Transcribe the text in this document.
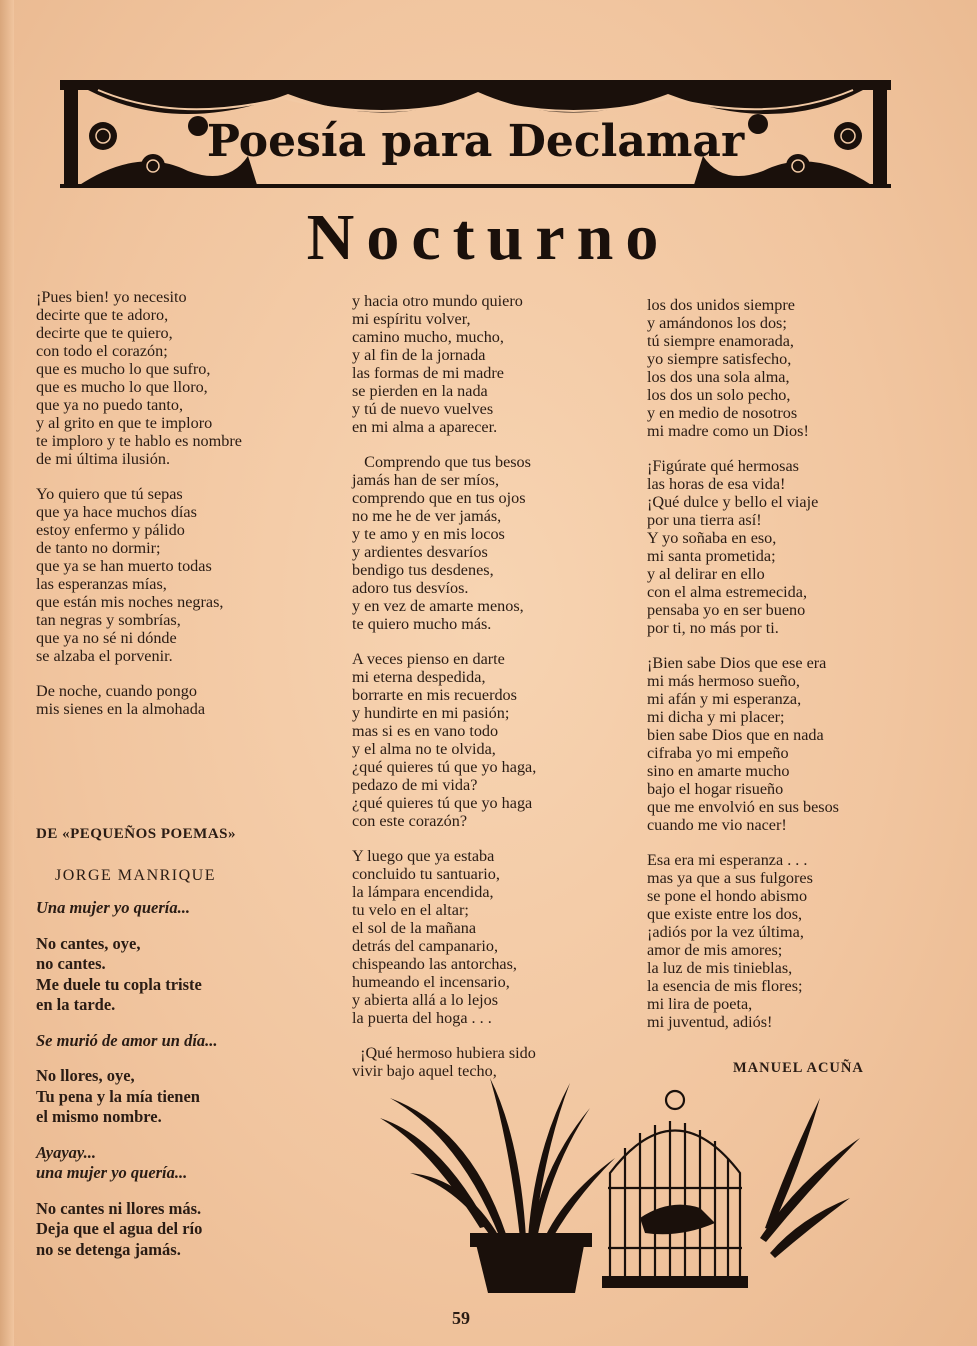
Poesía para Declamar
Nocturno
¡Pues bien! yo necesito
decirte que te adoro,
decirte que te quiero,
con todo el corazón;
que es mucho lo que sufro,
que es mucho lo que lloro,
que ya no puedo tanto,
y al grito en que te imploro
te imploro y te hablo es nombre
de mi última ilusión.
Yo quiero que tú sepas
que ya hace muchos días
estoy enfermo y pálido
de tanto no dormir;
que ya se han muerto todas
las esperanzas mías,
que están mis noches negras,
tan negras y sombrías,
que ya no sé ni dónde
se alzaba el porvenir.
De noche, cuando pongo
mis sienes en la almohada
y hacia otro mundo quiero
mi espíritu volver,
camino mucho, mucho,
y al fin de la jornada
las formas de mi madre
se pierden en la nada
y tú de nuevo vuelves
en mi alma a aparecer.
Comprendo que tus besos
jamás han de ser míos,
comprendo que en tus ojos
no me he de ver jamás,
y te amo y en mis locos
y ardientes desvaríos
bendigo tus desdenes,
adoro tus desvíos.
y en vez de amarte menos,
te quiero mucho más.
A veces pienso en darte
mi eterna despedida,
borrarte en mis recuerdos
y hundirte en mi pasión;
mas si es en vano todo
y el alma no te olvida,
¿qué quieres tú que yo haga,
pedazo de mi vida?
¿qué quieres tú que yo haga
con este corazón?
Y luego que ya estaba
concluido tu santuario,
la lámpara encendida,
tu velo en el altar;
el sol de la mañana
detrás del campanario,
chispeando las antorchas,
humeando el incensario,
y abierta allá a lo lejos
la puerta del hoga . . .
¡Qué hermoso hubiera sido
vivir bajo aquel techo,
los dos unidos siempre
y amándonos los dos;
tú siempre enamorada,
yo siempre satisfecho,
los dos una sola alma,
los dos un solo pecho,
y en medio de nosotros
mi madre como un Dios!
¡Figúrate qué hermosas
las horas de esa vida!
¡Qué dulce y bello el viaje
por una tierra así!
Y yo soñaba en eso,
mi santa prometida;
y al delirar en ello
con el alma estremecida,
pensaba yo en ser bueno
por ti, no más por ti.
¡Bien sabe Dios que ese era
mi más hermoso sueño,
mi afán y mi esperanza,
mi dicha y mi placer;
bien sabe Dios que en nada
cifraba yo mi empeño
sino en amarte mucho
bajo el hogar risueño
que me envolvió en sus besos
cuando me vio nacer!
Esa era mi esperanza . . .
mas ya que a sus fulgores
se pone el hondo abismo
que existe entre los dos,
¡adiós por la vez última,
amor de mis amores;
la luz de mis tinieblas,
la esencia de mis flores;
mi lira de poeta,
mi juventud, adiós!
MANUEL ACUÑA
DE «PEQUEÑOS POEMAS»
JORGE MANRIQUE
Una mujer yo quería...
No cantes, oye,
no cantes.
Me duele tu copla triste
en la tarde.
Se murió de amor un día...
No llores, oye,
Tu pena y la mía tienen
el mismo nombre.
Ayayay...
una mujer yo quería...
No cantes ni llores más.
Deja que el agua del río
no se detenga jamás.
59
